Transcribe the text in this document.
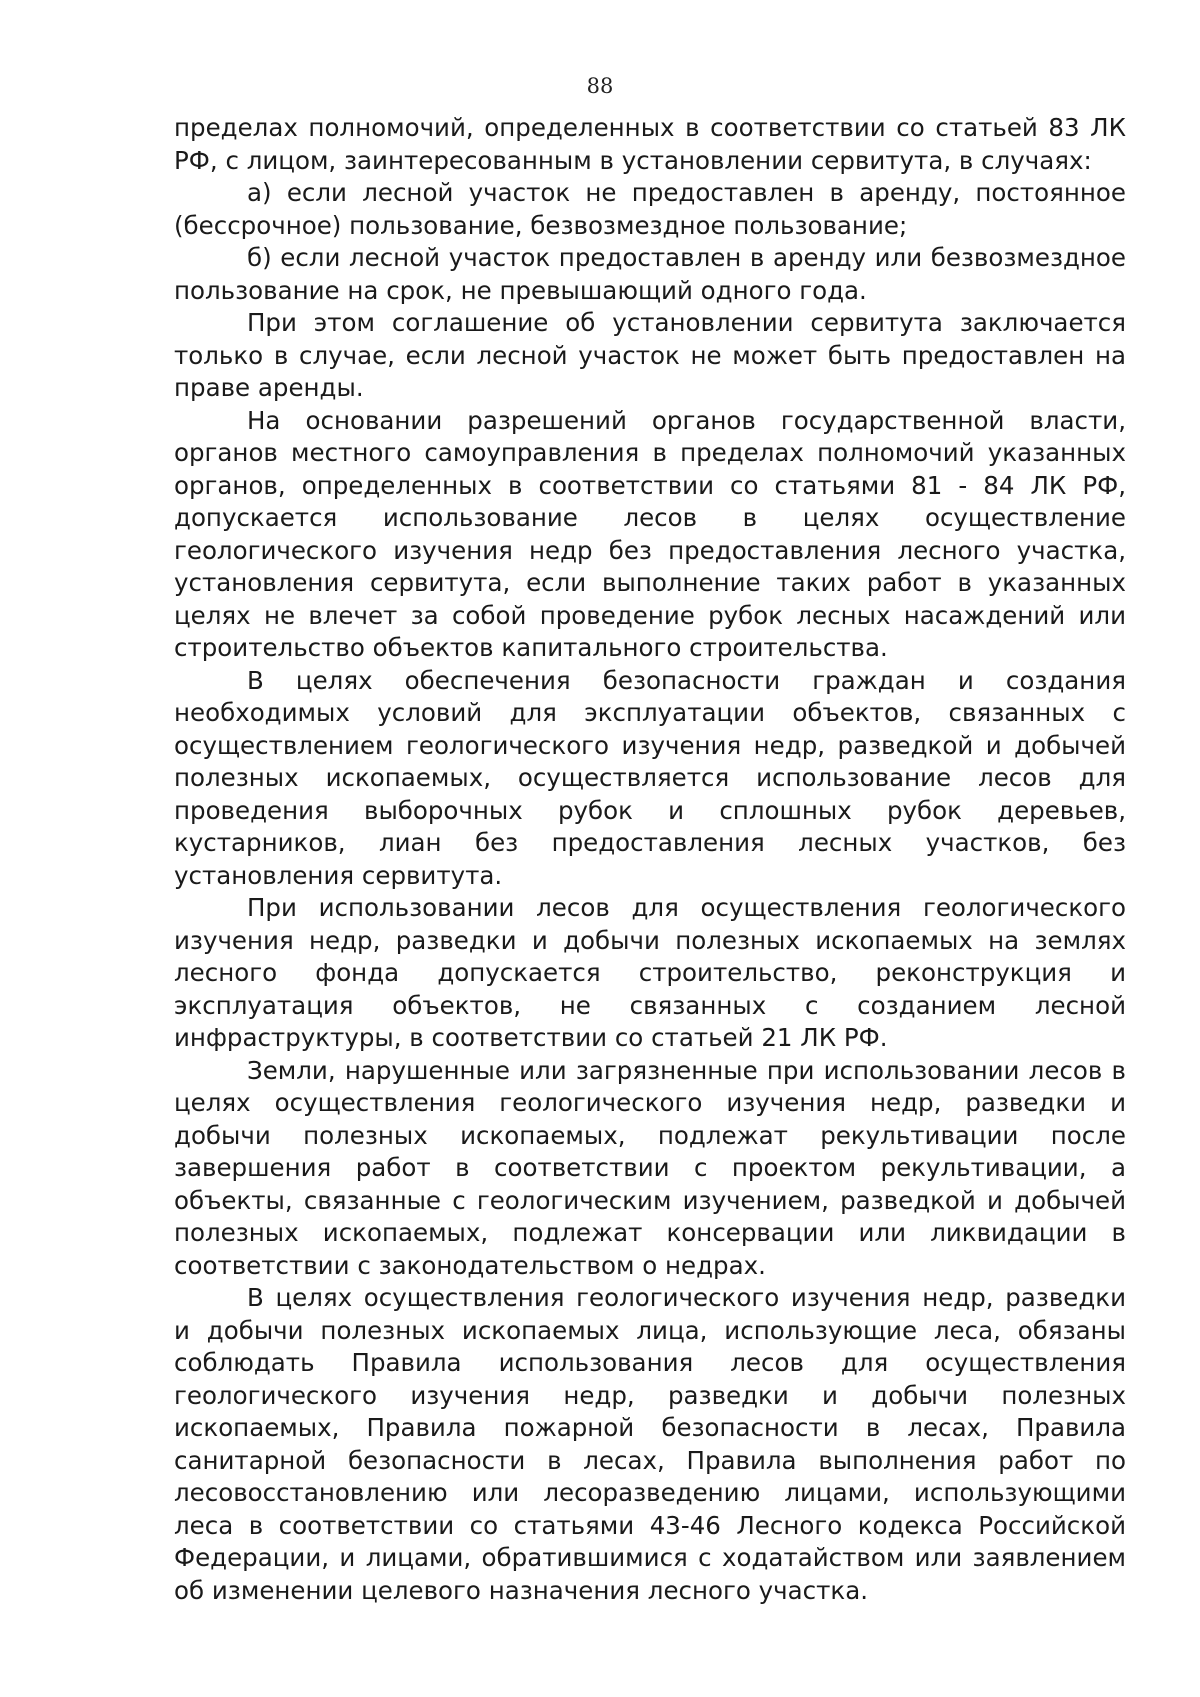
88

пределах полномочий, определенных в соответствии со статьей 83 ЛК РФ, с лицом, заинтересованным в установлении сервитута, в случаях:

а) если лесной участок не предоставлен в аренду, постоянное (бессрочное) пользование, безвозмездное пользование;

б) если лесной участок предоставлен в аренду или безвозмездное пользование на срок, не превышающий одного года.

При этом соглашение об установлении сервитута заключается только в случае, если лесной участок не может быть предоставлен на праве аренды.

На основании разрешений органов государственной власти, органов местного самоуправления в пределах полномочий указанных органов, определенных в соответствии со статьями 81 - 84 ЛК РФ, допускается использование лесов в целях осуществление геологического изучения недр без предоставления лесного участка, установления сервитута, если выполнение таких работ в указанных целях не влечет за собой проведение рубок лесных насаждений или строительство объектов капитального строительства.

В целях обеспечения безопасности граждан и создания необходимых условий для эксплуатации объектов, связанных с осуществлением геологического изучения недр, разведкой и добычей полезных ископаемых, осуществляется использование лесов для проведения выборочных рубок и сплошных рубок деревьев, кустарников, лиан без предоставления лесных участков, без установления сервитута.

При использовании лесов для осуществления геологического изучения недр, разведки и добычи полезных ископаемых на землях лесного фонда допускается строительство, реконструкция и эксплуатация объектов, не связанных с созданием лесной инфраструктуры, в соответствии со статьей 21 ЛК РФ.

Земли, нарушенные или загрязненные при использовании лесов в целях осуществления геологического изучения недр, разведки и добычи полезных ископаемых, подлежат рекультивации после завершения работ в соответствии с проектом рекультивации, а объекты, связанные с геологическим изучением, разведкой и добычей полезных ископаемых, подлежат консервации или ликвидации в соответствии с законодательством о недрах.

В целях осуществления геологического изучения недр, разведки и добычи полезных ископаемых лица, использующие леса, обязаны соблюдать Правила использования лесов для осуществления геологического изучения недр, разведки и добычи полезных ископаемых, Правила пожарной безопасности в лесах, Правила санитарной безопасности в лесах, Правила выполнения работ по лесовосстановлению или лесоразведению лицами, использующими леса в соответствии со статьями 43-46 Лесного кодекса Российской Федерации, и лицами, обратившимися с ходатайством или заявлением об изменении целевого назначения лесного участка.
